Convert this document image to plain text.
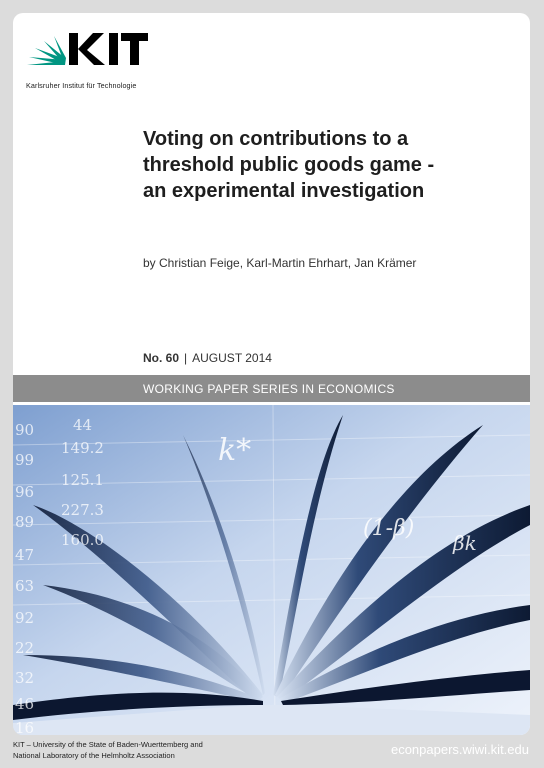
Karlsruher Institut für Technologie
Voting on contributions to a threshold public goods game - an experimental investigation
by Christian Feige, Karl-Martin Ehrhart, Jan Krämer
No. 60 | AUGUST 2014
WORKING PAPER SERIES IN ECONOMICS
90
99
96
89
47
63
92
22
32
46
16
149.2
125.1
227.3
160.0
44
k*
βk
(1-β)
KIT – University of the State of Baden-Wuerttemberg and
National Laboratory of the Helmholtz Association	econpapers.wiwi.kit.edu
